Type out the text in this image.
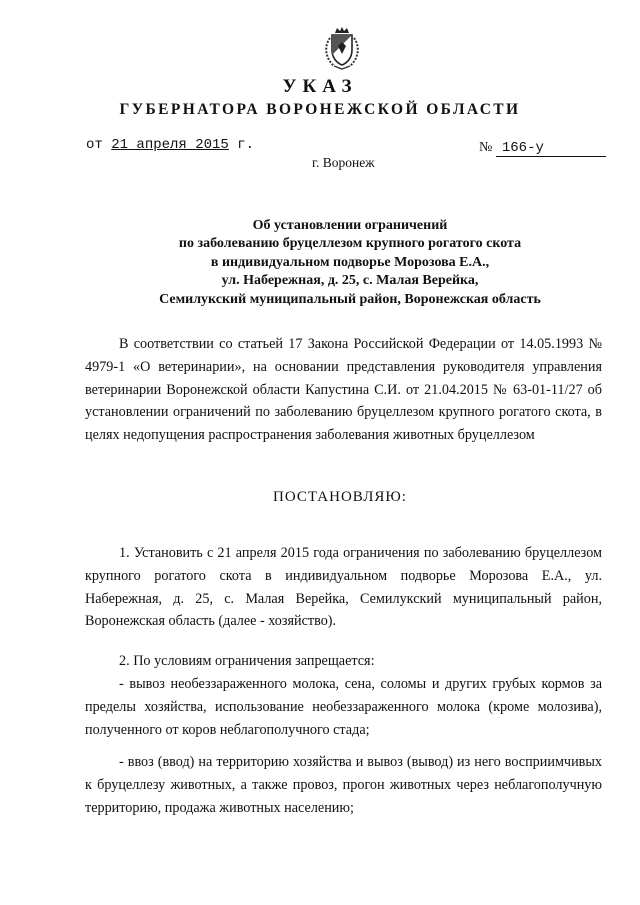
УКАЗ
ГУБЕРНАТОРА ВОРОНЕЖСКОЙ ОБЛАСТИ
от 21 апреля 2015 г.	№ 166-у
г. Воронеж
Об установлении ограничений
по заболеванию бруцеллезом крупного рогатого скота
в индивидуальном подворье Морозова Е.А.,
ул. Набережная, д. 25, с. Малая Верейка,
Семилукский муниципальный район, Воронежская область

В соответствии со статьей 17 Закона Российской Федерации от 14.05.1993 № 4979-1 «О ветеринарии», на основании представления руководителя управления ветеринарии Воронежской области Капустина С.И. от 21.04.2015 № 63-01-11/27 об установлении ограничений по заболеванию бруцеллезом крупного рогатого скота, в целях недопущения распространения заболевания животных бруцеллезом

ПОСТАНОВЛЯЮ:

1. Установить с 21 апреля 2015 года ограничения по заболеванию бруцеллезом крупного рогатого скота в индивидуальном подворье Морозова Е.А., ул. Набережная, д. 25, с. Малая Верейка, Семилукский муниципальный район, Воронежская область (далее - хозяйство).

2. По условиям ограничения запрещается:

- вывоз необеззараженного молока, сена, соломы и других грубых кормов за пределы хозяйства, использование необеззараженного молока (кроме молозива), полученного от коров неблагополучного стада;

- ввоз (ввод) на территорию хозяйства и вывоз (вывод) из него восприимчивых к бруцеллезу животных, а также провоз, прогон животных через неблагополучную территорию, продажа животных населению;
